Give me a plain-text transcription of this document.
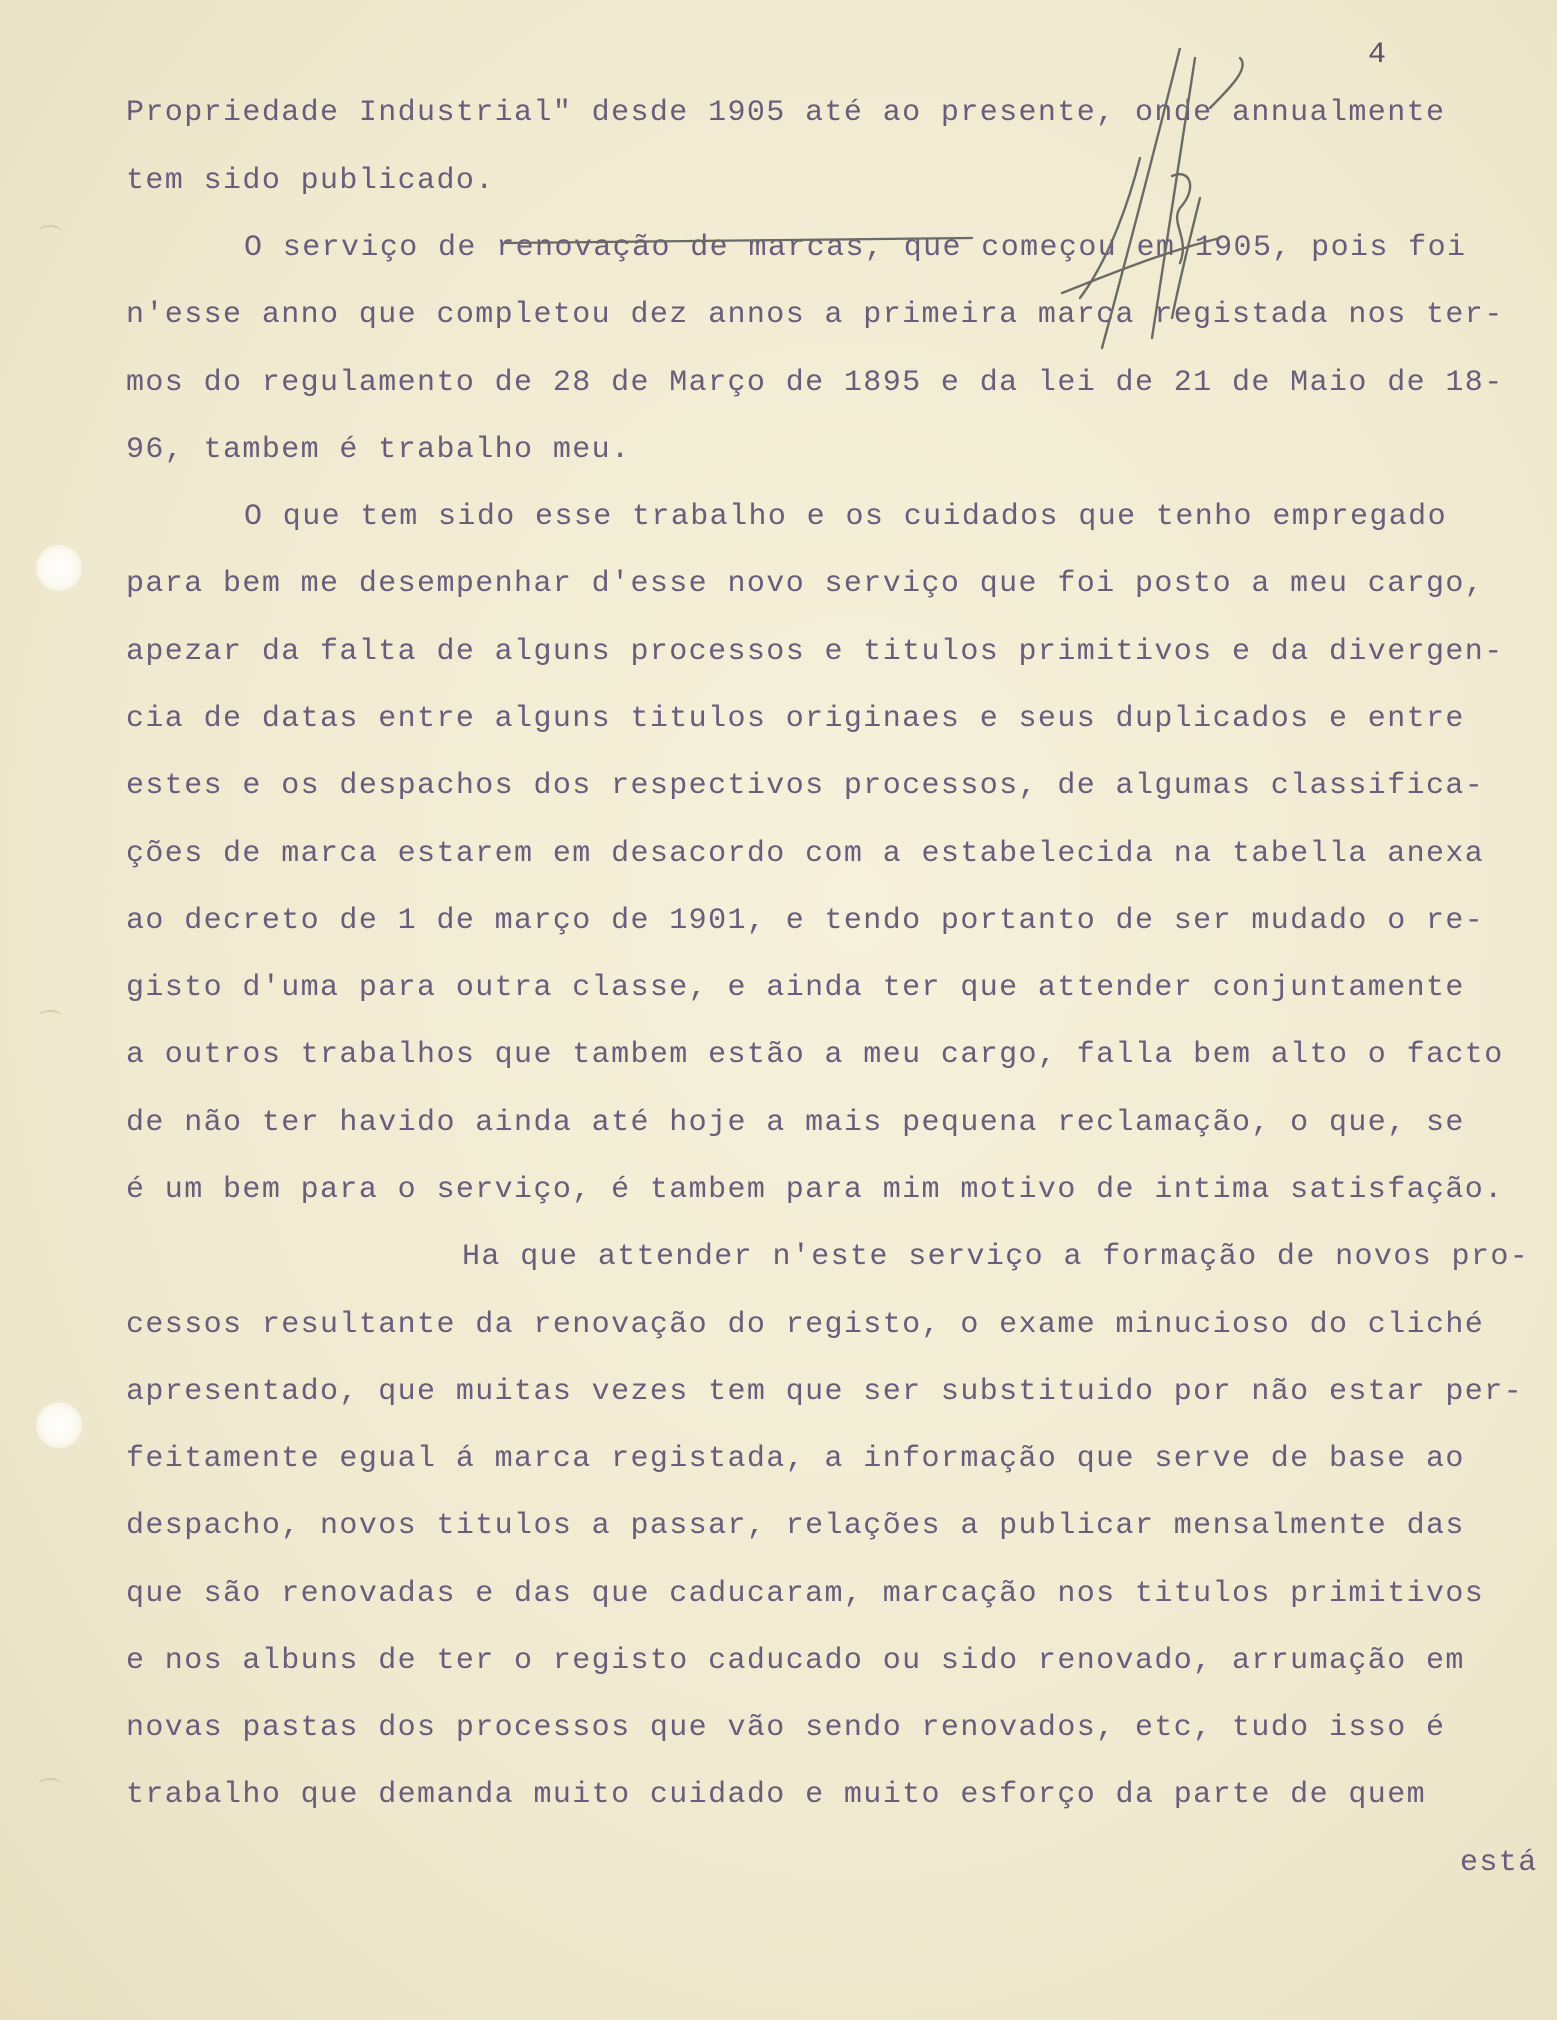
4

Propriedade Industrial" desde 1905 até ao presente, onde annualmente

tem sido publicado.

O serviço de renovação de marcas, que começou em 1905, pois foi

n'esse anno que completou dez annos a primeira marca registada nos ter-

mos do regulamento de 28 de Março de 1895 e da lei de 21 de Maio de 18-

96, tambem é trabalho meu.

O que tem sido esse trabalho e os cuidados que tenho empregado

para bem me desempenhar d'esse novo serviço que foi posto a meu cargo,

apezar da falta de alguns processos e titulos primitivos e da divergen-

cia de datas entre alguns titulos originaes e seus duplicados e entre

estes e os despachos dos respectivos processos, de algumas classifica-

ções de marca estarem em desacordo com a estabelecida na tabella anexa

ao decreto de 1 de março de 1901, e tendo portanto de ser mudado o re-

gisto d'uma para outra classe, e ainda ter que attender conjuntamente

a outros trabalhos que tambem estão a meu cargo, falla bem alto o facto

de não ter havido ainda até hoje a mais pequena reclamação, o que, se

é um bem para o serviço, é tambem para mim motivo de intima satisfação.

Ha que attender n'este serviço a formação de novos pro-

cessos resultante da renovação do registo, o exame minucioso do cliché

apresentado, que muitas vezes tem que ser substituido por não estar per-

feitamente egual á marca registada, a informação que serve de base ao

despacho, novos titulos a passar, relações a publicar mensalmente das

que são renovadas e das que caducaram, marcação nos titulos primitivos

e nos albuns de ter o registo caducado ou sido renovado, arrumação em

novas pastas dos processos que vão sendo renovados, etc, tudo isso é

trabalho que demanda muito cuidado e muito esforço da parte de quem

está
